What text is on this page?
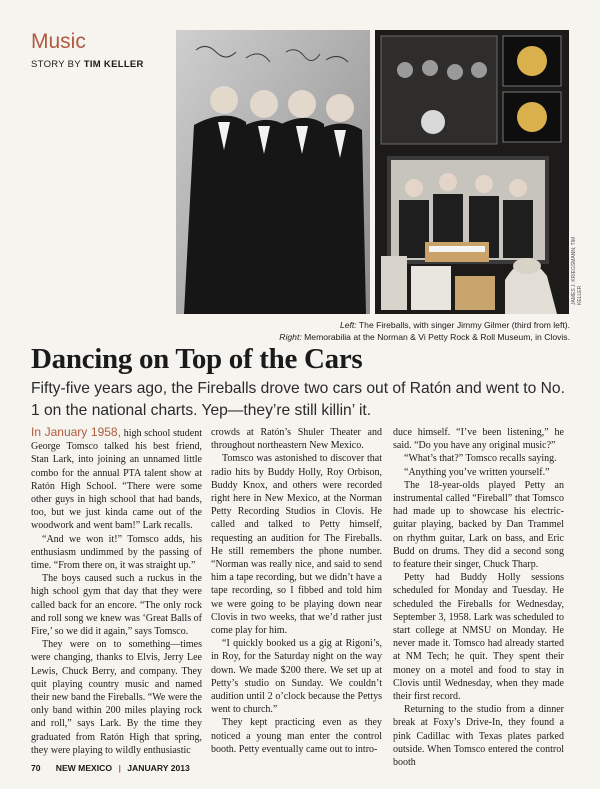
Music
STORY BY TIM KELLER
JAMES J. KRIEGSMANN; TIM KELLER
Left: The Fireballs, with singer Jimmy Gilmer (third from left).
Right: Memorabilia at the Norman & Vi Petty Rock & Roll Museum, in Clovis.
Dancing on Top of the Cars
Fifty-five years ago, the Fireballs drove two cars out of Ratón and went to No. 1 on the national charts. Yep—they’re still killin’ it.

In January 1958, high school student George Tomsco talked his best friend, Stan Lark, into joining an unnamed little combo for the annual PTA talent show at Ratón High School. “There were some other guys in high school that had bands, too, but we just kinda came out of the woodwork and went bam!” Lark recalls.

“And we won it!” Tomsco adds, his enthusiasm undimmed by the passing of time. “From there on, it was straight up.”

The boys caused such a ruckus in the high school gym that day that they were called back for an encore. “The only rock and roll song we knew was ‘Great Balls of Fire,’ so we did it again,” says Tomsco.

They were on to something—times were changing, thanks to Elvis, Jerry Lee Lewis, Chuck Berry, and company. They quit playing country music and named their new band the Fireballs. “We were the only band within 200 miles playing rock and roll,” says Lark. By the time they graduated from Ratón High that spring, they were playing to wildly enthusiastic

crowds at Ratón’s Shuler Theater and throughout northeastern New Mexico.

Tomsco was astonished to discover that radio hits by Buddy Holly, Roy Orbison, Buddy Knox, and others were recorded right here in New Mexico, at the Norman Petty Recording Studios in Clovis. He called and talked to Petty himself, requesting an audition for The Fireballs. He still remembers the phone number. “Norman was really nice, and said to send him a tape recording, but we didn’t have a tape recording, so I fibbed and told him we were going to be playing down near Clovis in two weeks, that we’d rather just come play for him.

“I quickly booked us a gig at Rigoni’s, in Roy, for the Saturday night on the way down. We made $200 there. We set up at Petty’s studio on Sunday. We couldn’t audition until 2 o’clock because the Pettys went to church.”

They kept practicing even as they noticed a young man enter the control booth. Petty eventually came out to intro-

duce himself. “I’ve been listening,” he said. “Do you have any original music?”

“What’s that?” Tomsco recalls saying.

“Anything you’ve written yourself.”

The 18-year-olds played Petty an instrumental called “Fireball” that Tomsco had made up to showcase his electric-guitar playing, backed by Dan Trammel on rhythm guitar, Lark on bass, and Eric Budd on drums. They did a second song to feature their singer, Chuck Tharp.

Petty had Buddy Holly sessions scheduled for Monday and Tuesday. He scheduled the Fireballs for Wednesday, September 3, 1958. Lark was scheduled to start college at NMSU on Monday. He never made it. Tomsco had already started at NM Tech; he quit. They spent their money on a motel and food to stay in Clovis until Wednesday, when they made their first record.

Returning to the studio from a dinner break at Foxy’s Drive-In, they found a pink Cadillac with Texas plates parked outside. When Tomsco entered the control booth

70 NEW MEXICO | JANUARY 2013
